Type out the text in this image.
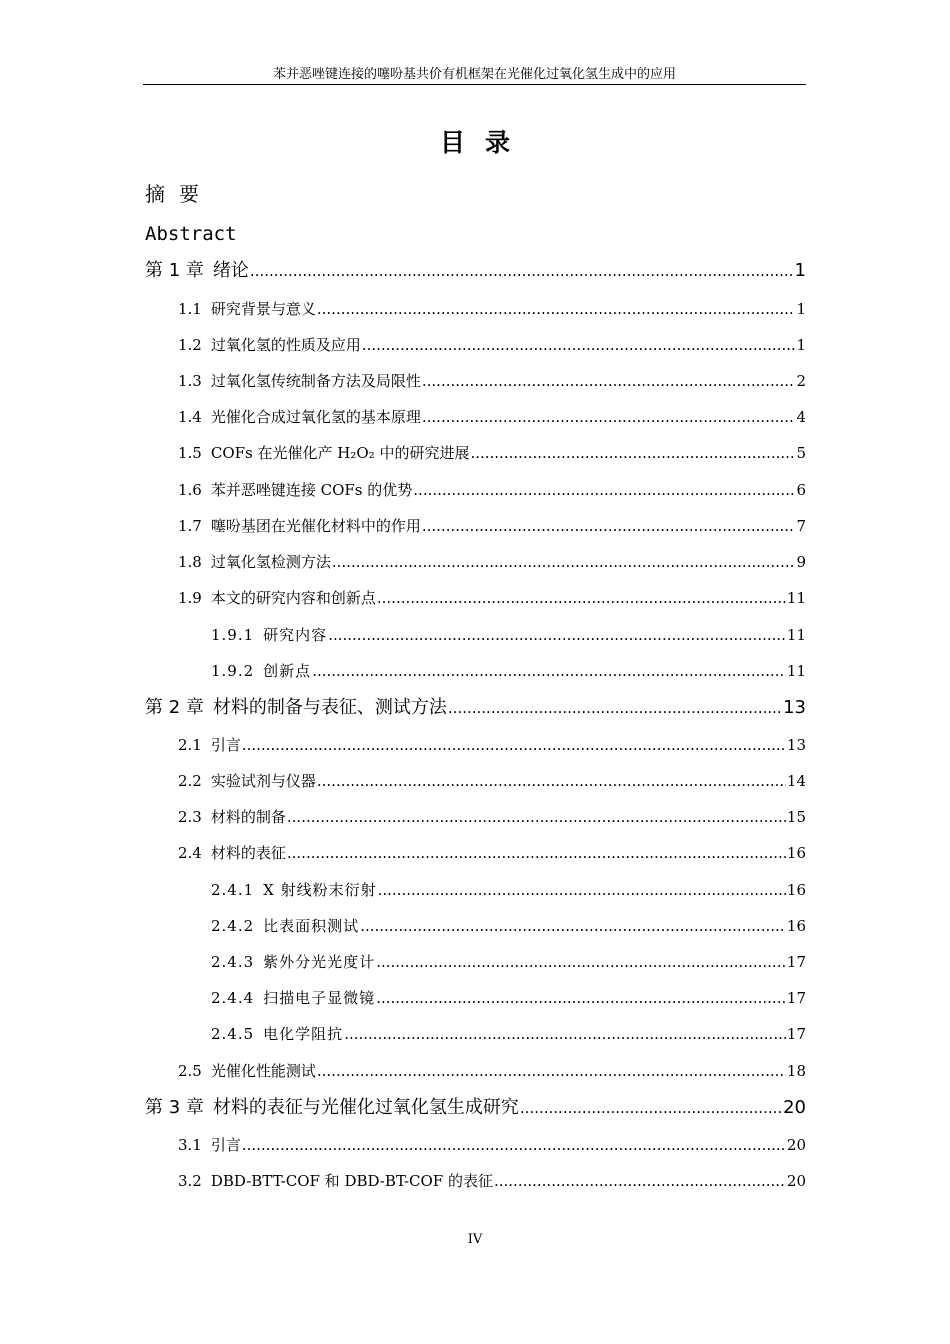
苯并恶唑键连接的噻吩基共价有机框架在光催化过氧化氢生成中的应用
目录
摘要
Abstract
第 1 章 绪论 .....	1
1.1 研究背景与意义 .....	1
1.2 过氧化氢的性质及应用 .....	1
1.3 过氧化氢传统制备方法及局限性 .....	2
1.4 光催化合成过氧化氢的基本原理 .....	4
1.5 COFs 在光催化产 H₂O₂ 中的研究进展 .....	5
1.6 苯并恶唑键连接 COFs 的优势 .....	6
1.7 噻吩基团在光催化材料中的作用 .....	7
1.8 过氧化氢检测方法 .....	9
1.9 本文的研究内容和创新点 .....	11
1.9.1 研究内容 .....	11
1.9.2 创新点 .....	11
第 2 章 材料的制备与表征、测试方法 .....	13
2.1 引言 .....	13
2.2 实验试剂与仪器 .....	14
2.3 材料的制备 .....	15
2.4 材料的表征 .....	16
2.4.1 X 射线粉末衍射 .....	16
2.4.2 比表面积测试 .....	16
2.4.3 紫外分光光度计 .....	17
2.4.4 扫描电子显微镜 .....	17
2.4.5 电化学阻抗 .....	17
2.5 光催化性能测试 .....	18
第 3 章 材料的表征与光催化过氧化氢生成研究 .....	20
3.1 引言 .....	20
3.2 DBD-BTT-COF 和 DBD-BT-COF 的表征 .....	20
IV
